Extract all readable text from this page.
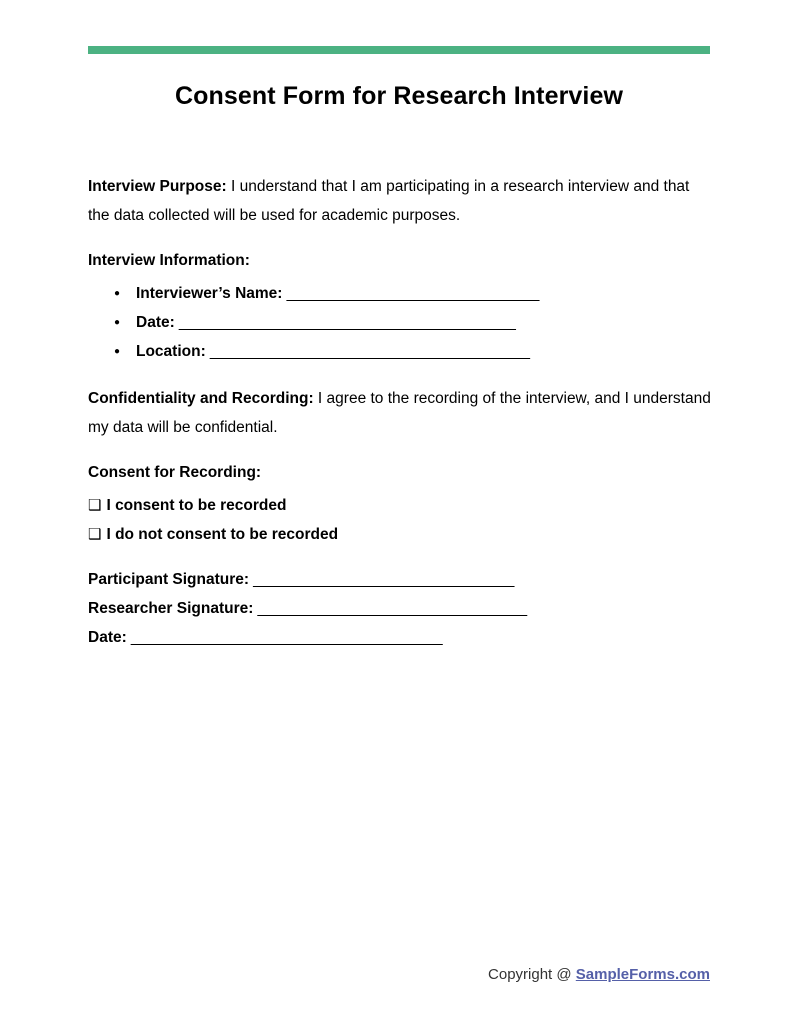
Consent Form for Research Interview

Interview Purpose: I understand that I am participating in a research interview and that the data collected will be used for academic purposes.

Interview Information:

● Interviewer’s Name: ______________________________
● Date: ________________________________________
● Location: ______________________________________

Confidentiality and Recording: I agree to the recording of the interview, and I understand my data will be confidential.

Consent for Recording:

❑ I consent to be recorded

❑ I do not consent to be recorded

Participant Signature: _______________________________

Researcher Signature: ________________________________

Date: _____________________________________

Copyright @ SampleForms.com
